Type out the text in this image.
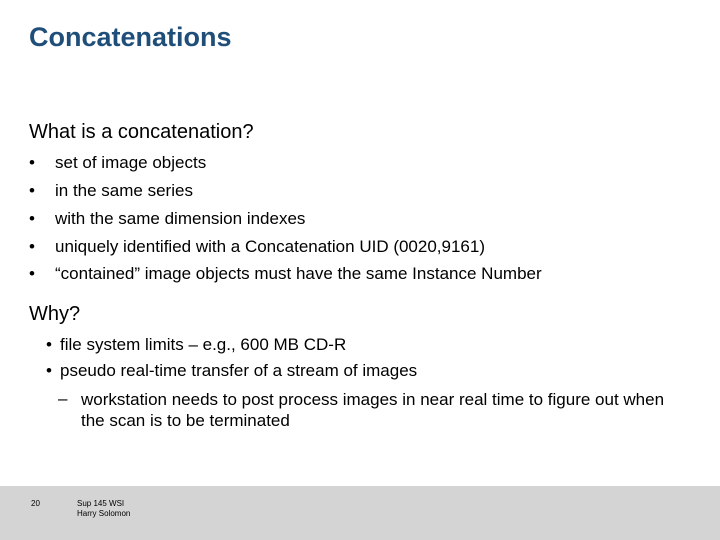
Concatenations
What is a concatenation?
• set of image objects
• in the same series
• with the same dimension indexes
• uniquely identified with a Concatenation UID (0020,9161)
• “contained” image objects must have the same Instance Number
Why?
• file system limits – e.g., 600 MB CD-R
• pseudo real-time transfer of a stream of images
– workstation needs to post process images in near real time to figure out when the scan is to be terminated
20	Sup 145 WSI
Harry Solomon
